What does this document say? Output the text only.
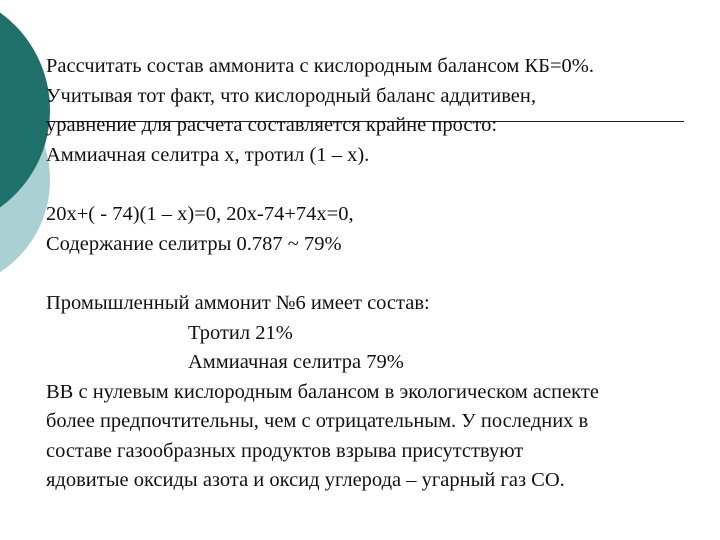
Рассчитать состав аммонита с кислородным балансом КБ=0%.

Учитывая тот факт, что кислородный баланс аддитивен,

уравнение для расчета составляется крайне просто:

Аммиачная селитра х, тротил (1 – х).

20х+( - 74)(1 – х)=0, 20х-74+74х=0,

Содержание селитры 0.787 ~ 79%

Промышленный аммонит №6 имеет состав:

Тротил 21%

Аммиачная селитра 79%

ВВ с нулевым кислородным балансом в экологическом аспекте

более предпочтительны, чем с отрицательным. У последних в

составе газообразных продуктов взрыва присутствуют

ядовитые оксиды азота и оксид углерода – угарный газ СО.
